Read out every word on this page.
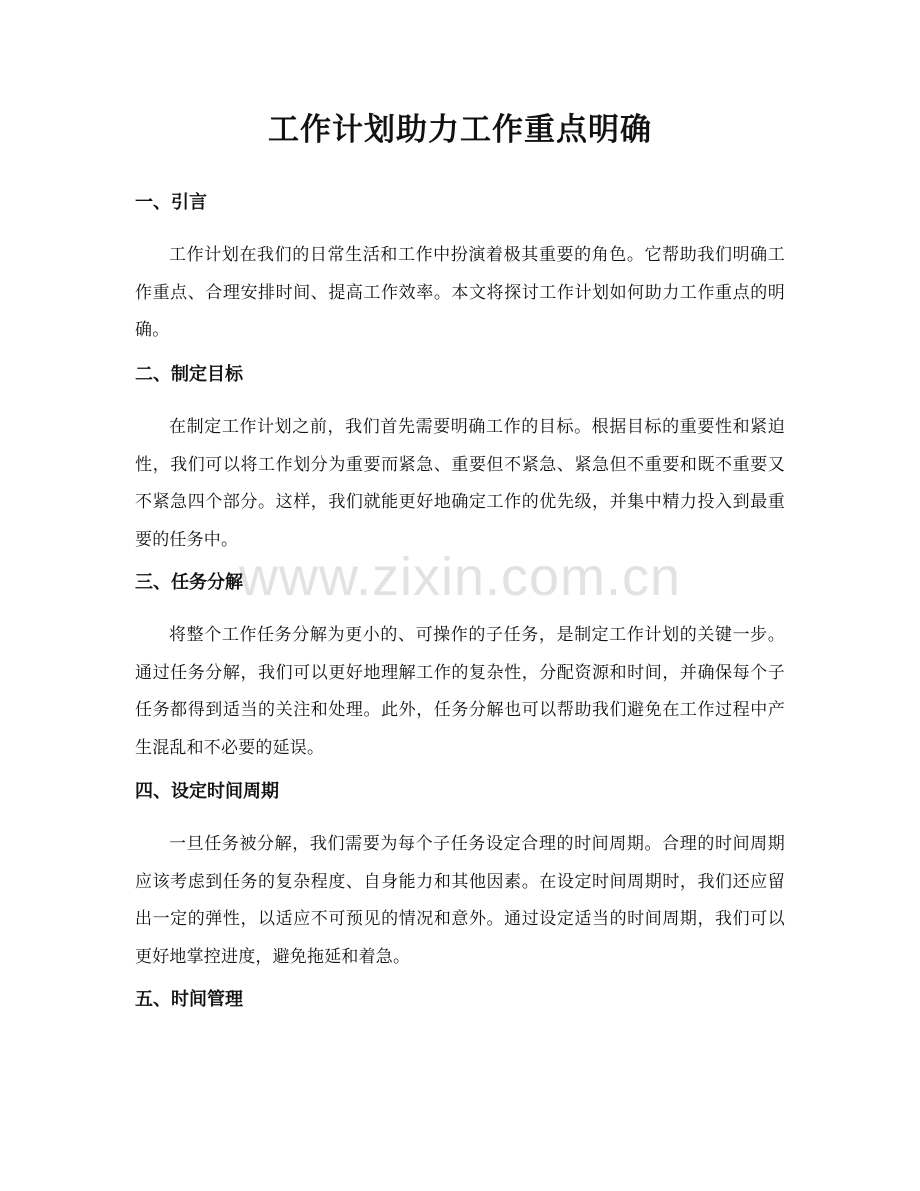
工作计划助力工作重点明确
一、引言

工作计划在我们的日常生活和工作中扮演着极其重要的角色。它帮助我们明确工作重点、合理安排时间、提高工作效率。本文将探讨工作计划如何助力工作重点的明确。

二、制定目标

在制定工作计划之前，我们首先需要明确工作的目标。根据目标的重要性和紧迫性，我们可以将工作划分为重要而紧急、重要但不紧急、紧急但不重要和既不重要又不紧急四个部分。这样，我们就能更好地确定工作的优先级，并集中精力投入到最重要的任务中。

三、任务分解

将整个工作任务分解为更小的、可操作的子任务，是制定工作计划的关键一步。通过任务分解，我们可以更好地理解工作的复杂性，分配资源和时间，并确保每个子任务都得到适当的关注和处理。此外，任务分解也可以帮助我们避免在工作过程中产生混乱和不必要的延误。

四、设定时间周期

一旦任务被分解，我们需要为每个子任务设定合理的时间周期。合理的时间周期应该考虑到任务的复杂程度、自身能力和其他因素。在设定时间周期时，我们还应留出一定的弹性，以适应不可预见的情况和意外。通过设定适当的时间周期，我们可以更好地掌控进度，避免拖延和着急。

五、时间管理
www.zixin.com.cn
